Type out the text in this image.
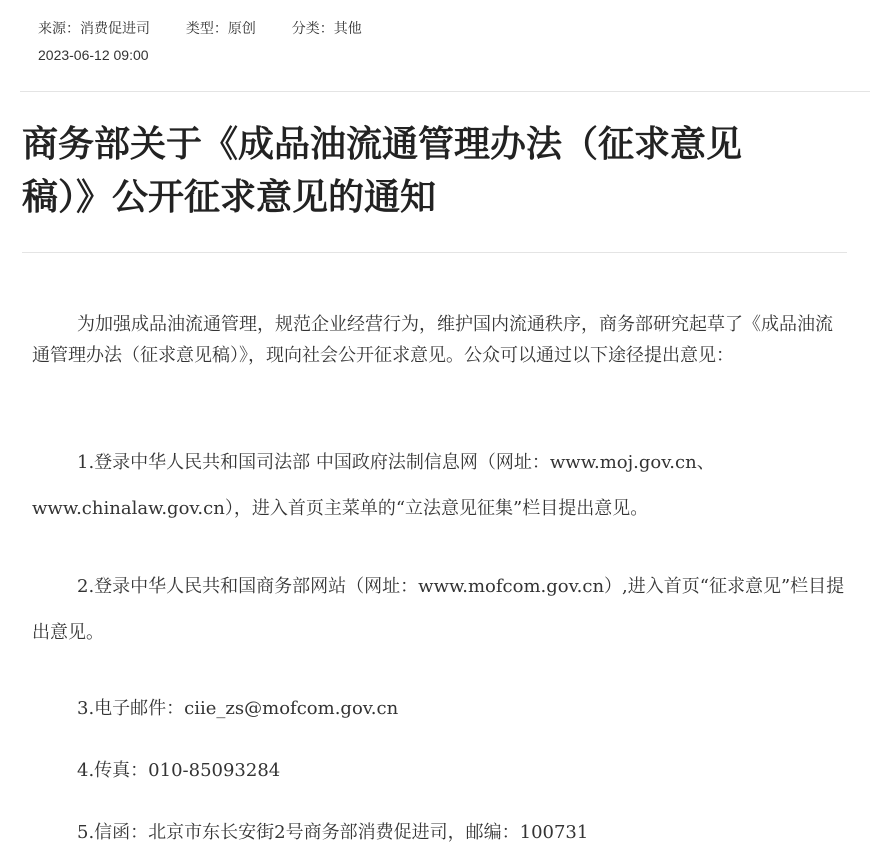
来源：消费促进司	类型：原创	分类：其他
2023-06-12 09:00
商务部关于《成品油流通管理办法（征求意见稿）》公开征求意见的通知

为加强成品油流通管理，规范企业经营行为，维护国内流通秩序，商务部研究起草了《成品油流通管理办法（征求意见稿）》，现向社会公开征求意见。公众可以通过以下途径提出意见：

1.登录中华人民共和国司法部 中国政府法制信息网（网址：www.moj.gov.cn、www.chinalaw.gov.cn），进入首页主菜单的“立法意见征集”栏目提出意见。

2.登录中华人民共和国商务部网站（网址：www.mofcom.gov.cn）,进入首页“征求意见”栏目提出意见。

3.电子邮件：ciie_zs@mofcom.gov.cn

4.传真：010-85093284

5.信函：北京市东长安街2号商务部消费促进司，邮编：100731
